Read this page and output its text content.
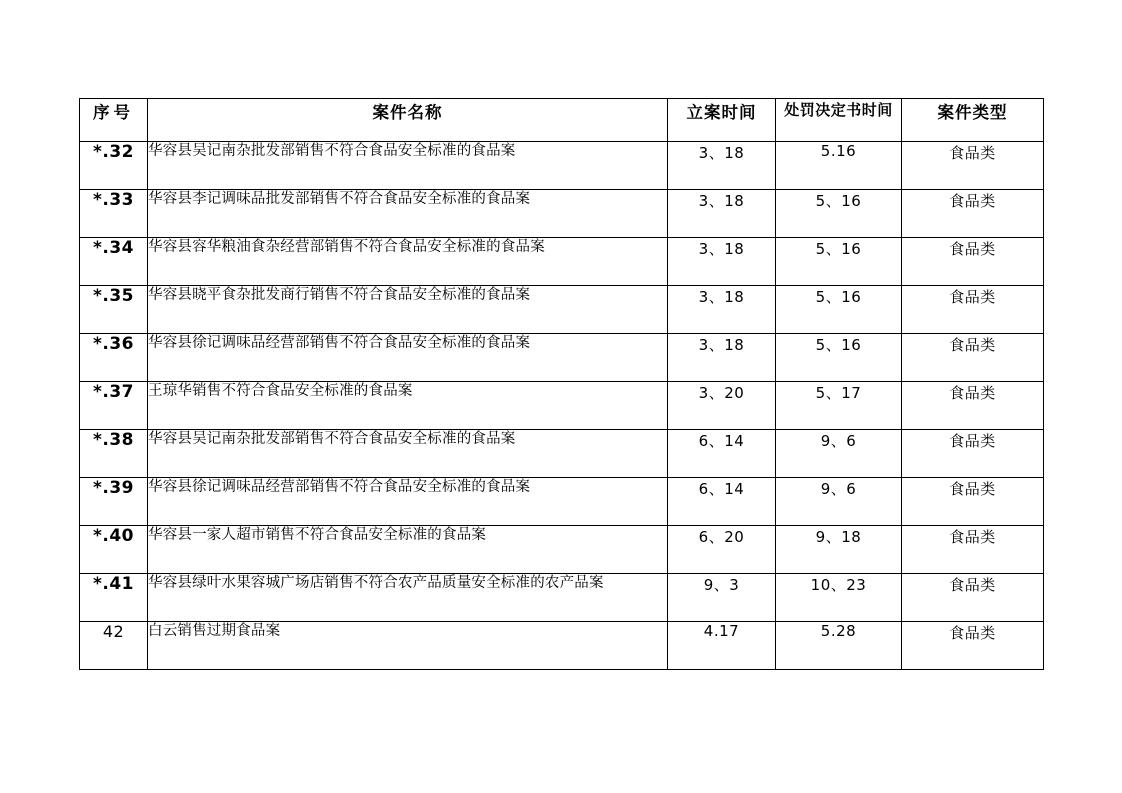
序号	案件名称	立案时间	处罚决定书时间	案件类型
*.32	华容县吴记南杂批发部销售不符合食品安全标准的食品案	3、18	5.16	食品类
*.33	华容县李记调味品批发部销售不符合食品安全标准的食品案	3、18	5、16	食品类
*.34	华容县容华粮油食杂经营部销售不符合食品安全标准的食品案	3、18	5、16	食品类
*.35	华容县晓平食杂批发商行销售不符合食品安全标准的食品案	3、18	5、16	食品类
*.36	华容县徐记调味品经营部销售不符合食品安全标准的食品案	3、18	5、16	食品类
*.37	王琼华销售不符合食品安全标准的食品案	3、20	5、17	食品类
*.38	华容县吴记南杂批发部销售不符合食品安全标准的食品案	6、14	9、6	食品类
*.39	华容县徐记调味品经营部销售不符合食品安全标准的食品案	6、14	9、6	食品类
*.40	华容县一家人超市销售不符合食品安全标准的食品案	6、20	9、18	食品类
*.41	华容县绿叶水果容城广场店销售不符合农产品质量安全标准的农产品案	9、3	10、23	食品类
42	白云销售过期食品案	4.17	5.28	食品类
